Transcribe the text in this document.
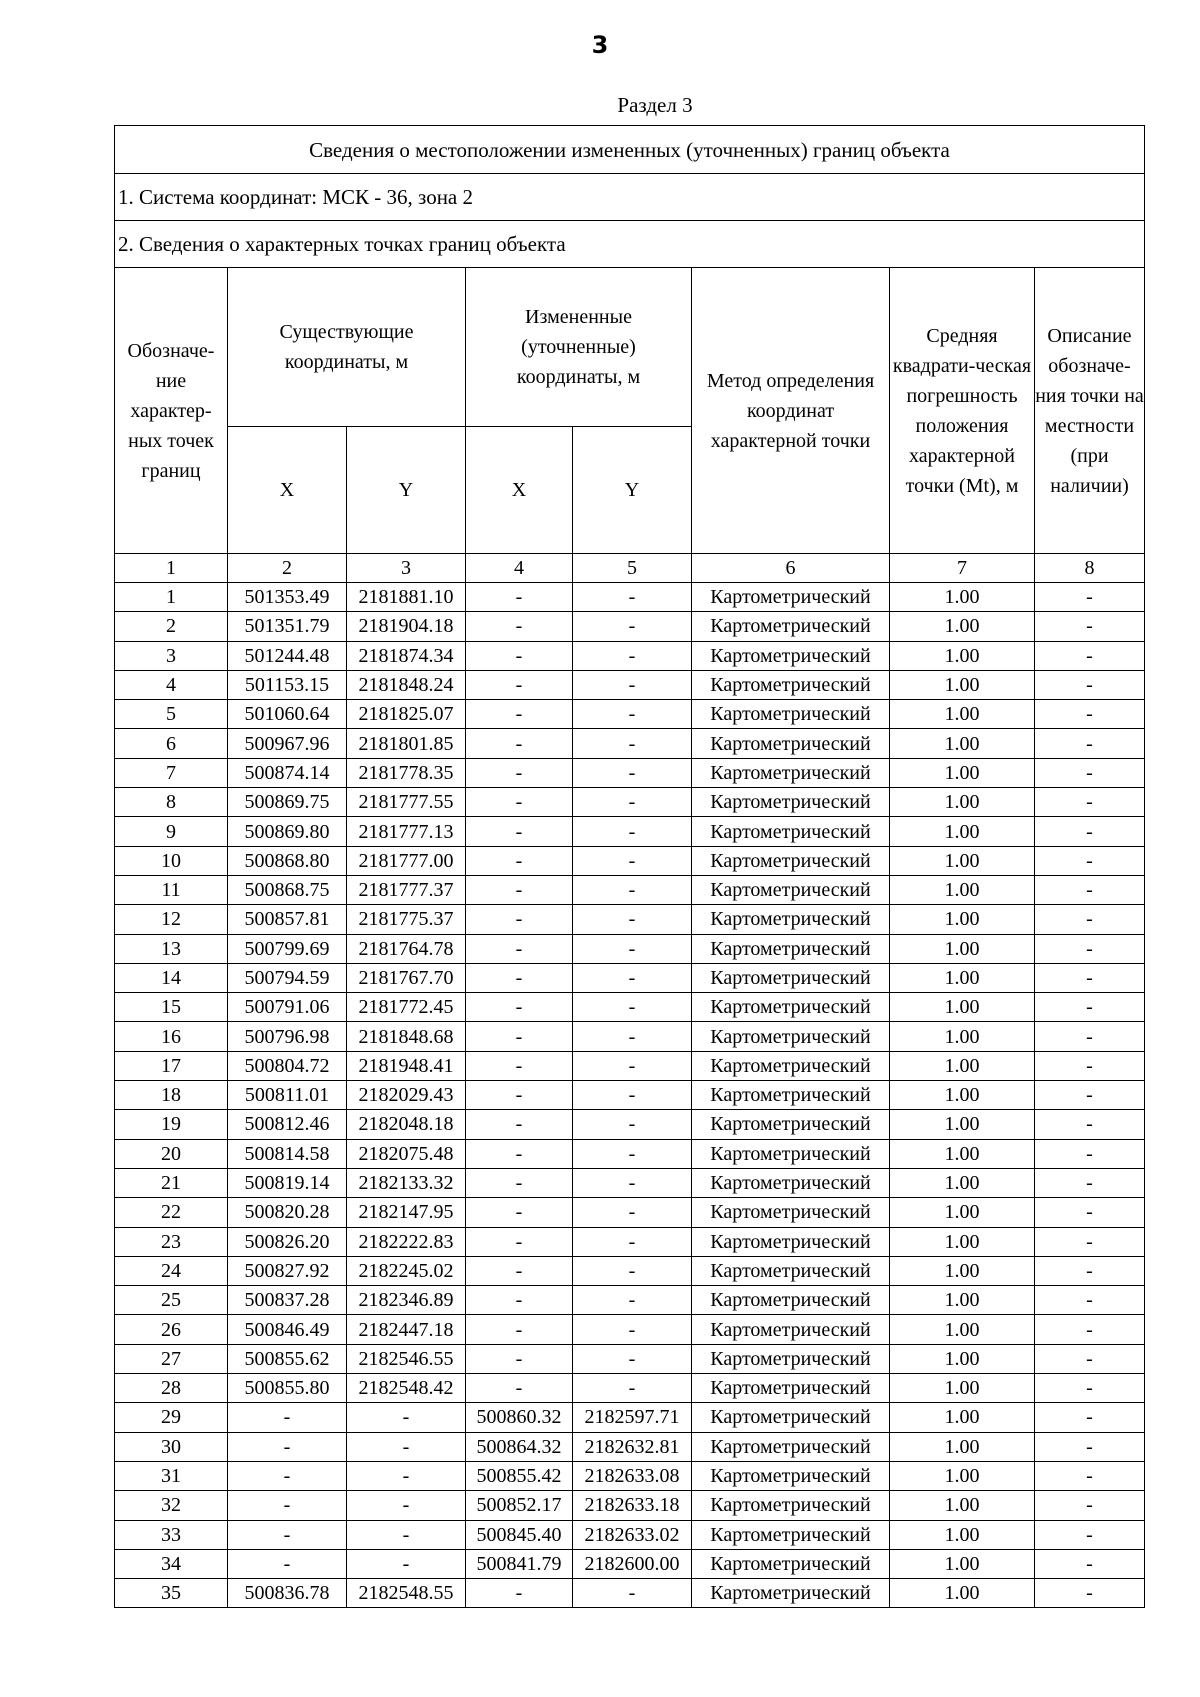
3
Раздел 3
Сведения о местоположении измененных (уточненных) границ объекта							
1. Система координат: МСК - 36, зона 2							
2. Сведения о характерных точках границ объекта							
Обозначе-ние характер-ных точек границ	Существующие координаты, м		Измененные (уточненные) координаты, м		Метод определения координат характерной точки	Средняя квадрати-ческая погрешность положения характерной точки (Mt), м	Описание обозначе-ния точки на местности (при наличии)
	X	Y	X	Y			
1	2	3	4	5	6	7	8
1	501353.49	2181881.10	-	-	Картометрический	1.00	-
2	501351.79	2181904.18	-	-	Картометрический	1.00	-
3	501244.48	2181874.34	-	-	Картометрический	1.00	-
4	501153.15	2181848.24	-	-	Картометрический	1.00	-
5	501060.64	2181825.07	-	-	Картометрический	1.00	-
6	500967.96	2181801.85	-	-	Картометрический	1.00	-
7	500874.14	2181778.35	-	-	Картометрический	1.00	-
8	500869.75	2181777.55	-	-	Картометрический	1.00	-
9	500869.80	2181777.13	-	-	Картометрический	1.00	-
10	500868.80	2181777.00	-	-	Картометрический	1.00	-
11	500868.75	2181777.37	-	-	Картометрический	1.00	-
12	500857.81	2181775.37	-	-	Картометрический	1.00	-
13	500799.69	2181764.78	-	-	Картометрический	1.00	-
14	500794.59	2181767.70	-	-	Картометрический	1.00	-
15	500791.06	2181772.45	-	-	Картометрический	1.00	-
16	500796.98	2181848.68	-	-	Картометрический	1.00	-
17	500804.72	2181948.41	-	-	Картометрический	1.00	-
18	500811.01	2182029.43	-	-	Картометрический	1.00	-
19	500812.46	2182048.18	-	-	Картометрический	1.00	-
20	500814.58	2182075.48	-	-	Картометрический	1.00	-
21	500819.14	2182133.32	-	-	Картометрический	1.00	-
22	500820.28	2182147.95	-	-	Картометрический	1.00	-
23	500826.20	2182222.83	-	-	Картометрический	1.00	-
24	500827.92	2182245.02	-	-	Картометрический	1.00	-
25	500837.28	2182346.89	-	-	Картометрический	1.00	-
26	500846.49	2182447.18	-	-	Картометрический	1.00	-
27	500855.62	2182546.55	-	-	Картометрический	1.00	-
28	500855.80	2182548.42	-	-	Картометрический	1.00	-
29	-	-	500860.32	2182597.71	Картометрический	1.00	-
30	-	-	500864.32	2182632.81	Картометрический	1.00	-
31	-	-	500855.42	2182633.08	Картометрический	1.00	-
32	-	-	500852.17	2182633.18	Картометрический	1.00	-
33	-	-	500845.40	2182633.02	Картометрический	1.00	-
34	-	-	500841.79	2182600.00	Картометрический	1.00	-
35	500836.78	2182548.55	-	-	Картометрический	1.00	-
